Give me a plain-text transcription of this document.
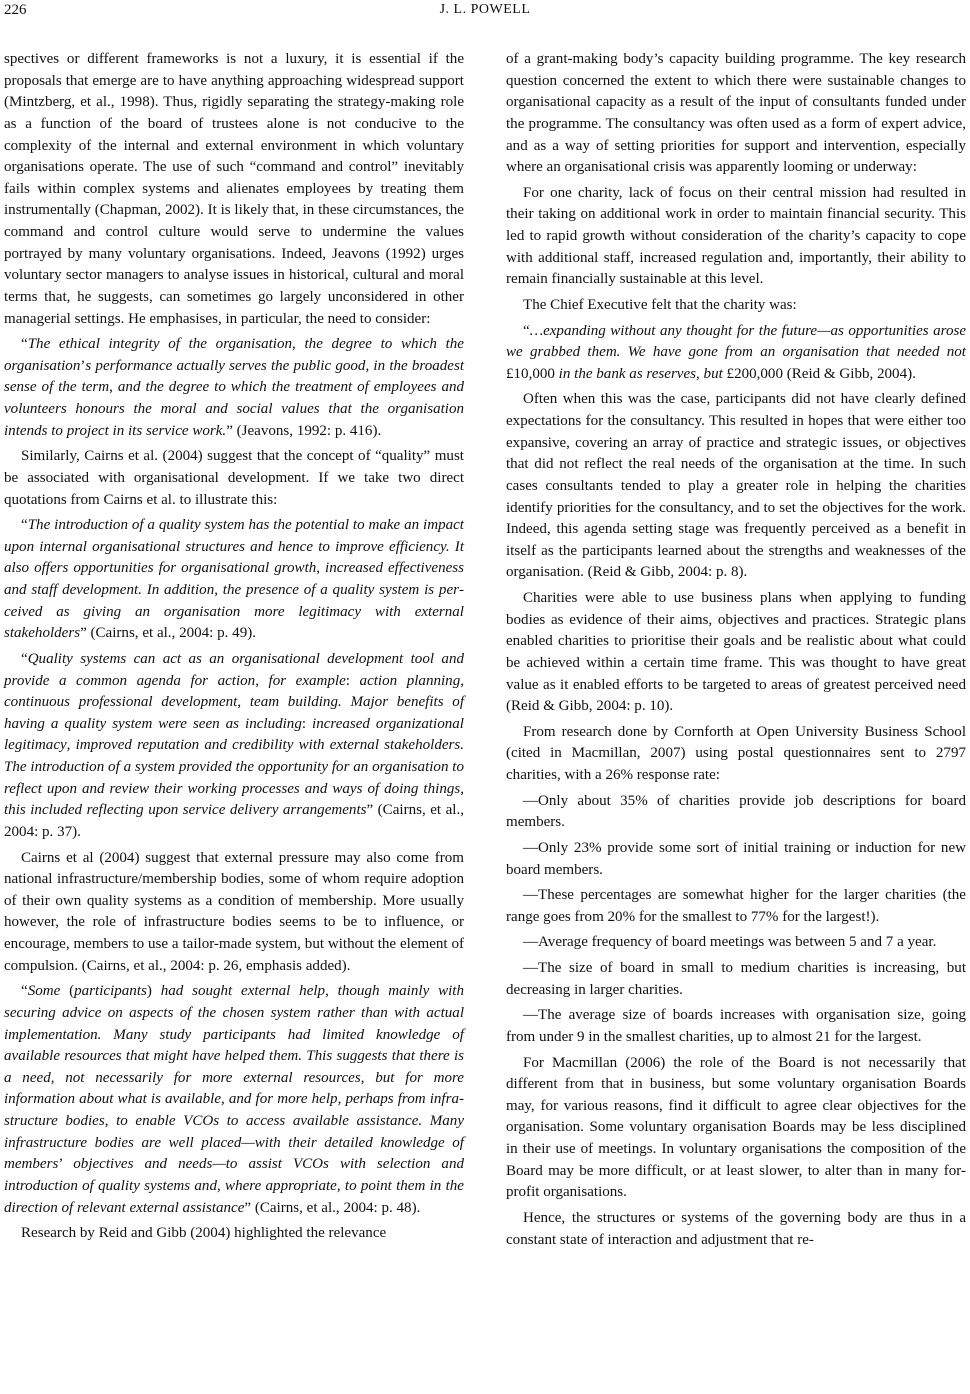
226	J. L. POWELL

spectives or different frameworks is not a luxury, it is essential if the proposals that emerge are to have anything approaching widespread support (Mintzberg, et al., 1998). Thus, rigidly separating the strategy-making role as a function of the board of trustees alone is not conducive to the complexity of the internal and external environment in which voluntary organisations operate. The use of such “command and control” inevitably fails within complex systems and alienates employees by treating them instrumentally (Chapman, 2002). It is likely that, in these circumstances, the command and control culture would serve to undermine the values portrayed by many voluntary organisations. Indeed, Jeavons (1992) urges voluntary sector managers to analyse issues in historical, cultural and moral terms that, he suggests, can sometimes go largely unconsidered in other managerial settings. He emphasises, in particular, the need to consider:

“The ethical integrity of the organisation, the degree to which the organisation’s performance actually serves the public good, in the broadest sense of the term, and the degree to which the treatment of employees and volunteers honours the moral and social values that the organisation intends to project in its service work.” (Jeavons, 1992: p. 416).

Similarly, Cairns et al. (2004) suggest that the concept of “quality” must be associated with organisational development. If we take two direct quotations from Cairns et al. to illustrate this:

“The introduction of a quality system has the potential to make an impact upon internal organisational structures and hence to improve efficiency. It also offers opportunities for organisational growth, increased effectiveness and staff development. In addition, the presence of a quality system is perceived as giving an organisation more legitimacy with external stakeholders” (Cairns, et al., 2004: p. 49).

“Quality systems can act as an organisational development tool and provide a common agenda for action, for example: action planning, continuous professional development, team building. Major benefits of having a quality system were seen as including: increased organizational legitimacy, improved reputation and credibility with external stakeholders. The introduction of a system provided the opportunity for an organisation to reflect upon and review their working processes and ways of doing things, this included reflecting upon service delivery arrangements” (Cairns, et al., 2004: p. 37).

Cairns et al (2004) suggest that external pressure may also come from national infrastructure/membership bodies, some of whom require adoption of their own quality systems as a condition of membership. More usually however, the role of infrastructure bodies seems to be to influence, or encourage, members to use a tailor-made system, but without the element of compulsion. (Cairns, et al., 2004: p. 26, emphasis added).

“Some (participants) had sought external help, though mainly with securing advice on aspects of the chosen system rather than with actual implementation. Many study participants had limited knowledge of available resources that might have helped them. This suggests that there is a need, not necessarily for more external resources, but for more information about what is available, and for more help, perhaps from infrastructure bodies, to enable VCOs to access available assistance. Many infrastructure bodies are well placed—with their detailed knowledge of members’ objectives and needs—to assist VCOs with selection and introduction of quality systems and, where appropriate, to point them in the direction of relevant external assistance” (Cairns, et al., 2004: p. 48).

Research by Reid and Gibb (2004) highlighted the relevance

of a grant-making body’s capacity building programme. The key research question concerned the extent to which there were sustainable changes to organisational capacity as a result of the input of consultants funded under the programme. The consultancy was often used as a form of expert advice, and as a way of setting priorities for support and intervention, especially where an organisational crisis was apparently looming or underway:

For one charity, lack of focus on their central mission had resulted in their taking on additional work in order to maintain financial security. This led to rapid growth without consideration of the charity’s capacity to cope with additional staff, increased regulation and, importantly, their ability to remain financially sustainable at this level.

The Chief Executive felt that the charity was:

“…expanding without any thought for the future—as opportunities arose we grabbed them. We have gone from an organisation that needed not £10,000 in the bank as reserves, but £200,000 (Reid & Gibb, 2004).

Often when this was the case, participants did not have clearly defined expectations for the consultancy. This resulted in hopes that were either too expansive, covering an array of practice and strategic issues, or objectives that did not reflect the real needs of the organisation at the time. In such cases consultants tended to play a greater role in helping the charities identify priorities for the consultancy, and to set the objectives for the work. Indeed, this agenda setting stage was frequently perceived as a benefit in itself as the participants learned about the strengths and weaknesses of the organisation. (Reid & Gibb, 2004: p. 8).

Charities were able to use business plans when applying to funding bodies as evidence of their aims, objectives and practices. Strategic plans enabled charities to prioritise their goals and be realistic about what could be achieved within a certain time frame. This was thought to have great value as it enabled efforts to be targeted to areas of greatest perceived need (Reid & Gibb, 2004: p. 10).

From research done by Cornforth at Open University Business School (cited in Macmillan, 2007) using postal questionnaires sent to 2797 charities, with a 26% response rate:

—Only about 35% of charities provide job descriptions for board members.

—Only 23% provide some sort of initial training or induction for new board members.

—These percentages are somewhat higher for the larger charities (the range goes from 20% for the smallest to 77% for the largest!).

—Average frequency of board meetings was between 5 and 7 a year.

—The size of board in small to medium charities is increasing, but decreasing in larger charities.

—The average size of boards increases with organisation size, going from under 9 in the smallest charities, up to almost 21 for the largest.

For Macmillan (2006) the role of the Board is not necessarily that different from that in business, but some voluntary organisation Boards may, for various reasons, find it difficult to agree clear objectives for the organisation. Some voluntary organisation Boards may be less disciplined in their use of meetings. In voluntary organisations the composition of the Board may be more difficult, or at least slower, to alter than in many for-profit organisations.

Hence, the structures or systems of the governing body are thus in a constant state of interaction and adjustment that re-
